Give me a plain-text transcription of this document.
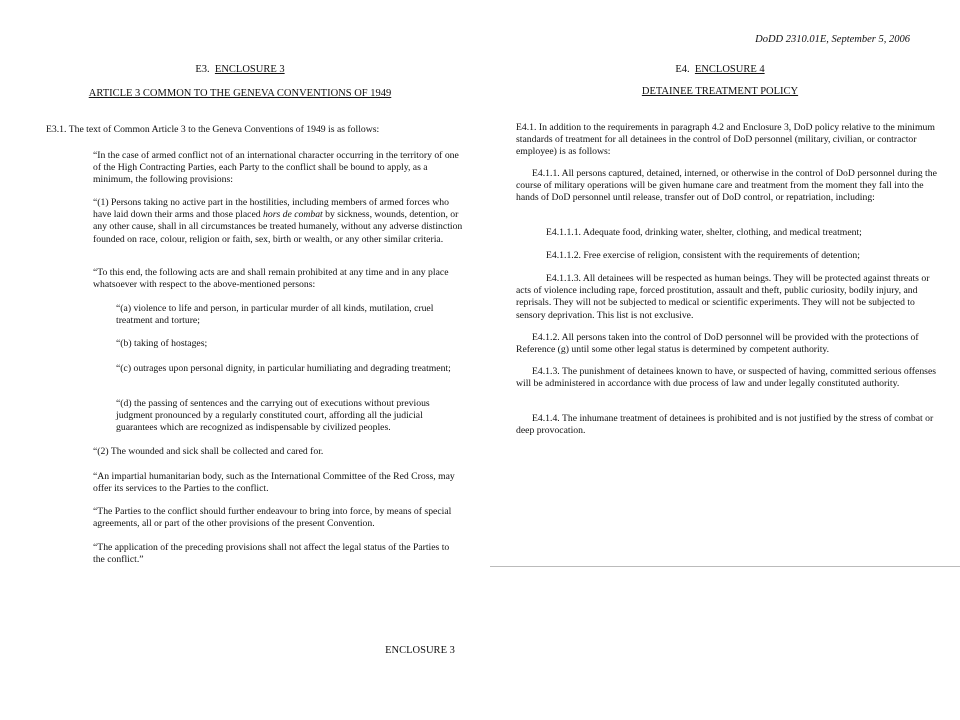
E3. ENCLOSURE 3
ARTICLE 3 COMMON TO THE GENEVA CONVENTIONS OF 1949

E3.1. The text of Common Article 3 to the Geneva Conventions of 1949 is as follows:

“In the case of armed conflict not of an international character occurring in the territory of one of the High Contracting Parties, each Party to the conflict shall be bound to apply, as a minimum, the following provisions:

“(1) Persons taking no active part in the hostilities, including members of armed forces who have laid down their arms and those placed hors de combat by sickness, wounds, detention, or any other cause, shall in all circumstances be treated humanely, without any adverse distinction founded on race, colour, religion or faith, sex, birth or wealth, or any other similar criteria.

“To this end, the following acts are and shall remain prohibited at any time and in any place whatsoever with respect to the above-mentioned persons:

“(a) violence to life and person, in particular murder of all kinds, mutilation, cruel treatment and torture;

“(b) taking of hostages;

“(c) outrages upon personal dignity, in particular humiliating and degrading treatment;

“(d) the passing of sentences and the carrying out of executions without previous judgment pronounced by a regularly constituted court, affording all the judicial guarantees which are recognized as indispensable by civilized peoples.

“(2) The wounded and sick shall be collected and cared for.

“An impartial humanitarian body, such as the International Committee of the Red Cross, may offer its services to the Parties to the conflict.

“The Parties to the conflict should further endeavour to bring into force, by means of special agreements, all or part of the other provisions of the present Convention.

“The application of the preceding provisions shall not affect the legal status of the Parties to the conflict.”

DoDD 2310.01E, September 5, 2006
E4. ENCLOSURE 4
DETAINEE TREATMENT POLICY

E4.1. In addition to the requirements in paragraph 4.2 and Enclosure 3, DoD policy relative to the minimum standards of treatment for all detainees in the control of DoD personnel (military, civilian, or contractor employee) is as follows:

E4.1.1. All persons captured, detained, interned, or otherwise in the control of DoD personnel during the course of military operations will be given humane care and treatment from the moment they fall into the hands of DoD personnel until release, transfer out of DoD control, or repatriation, including:

E4.1.1.1. Adequate food, drinking water, shelter, clothing, and medical treatment;

E4.1.1.2. Free exercise of religion, consistent with the requirements of detention;

E4.1.1.3. All detainees will be respected as human beings. They will be protected against threats or acts of violence including rape, forced prostitution, assault and theft, public curiosity, bodily injury, and reprisals. They will not be subjected to medical or scientific experiments. They will not be subjected to sensory deprivation. This list is not exclusive.

E4.1.2. All persons taken into the control of DoD personnel will be provided with the protections of Reference (g) until some other legal status is determined by competent authority.

E4.1.3. The punishment of detainees known to have, or suspected of having, committed serious offenses will be administered in accordance with due process of law and under legally constituted authority.

E4.1.4. The inhumane treatment of detainees is prohibited and is not justified by the stress of combat or deep provocation.

ENCLOSURE 3
